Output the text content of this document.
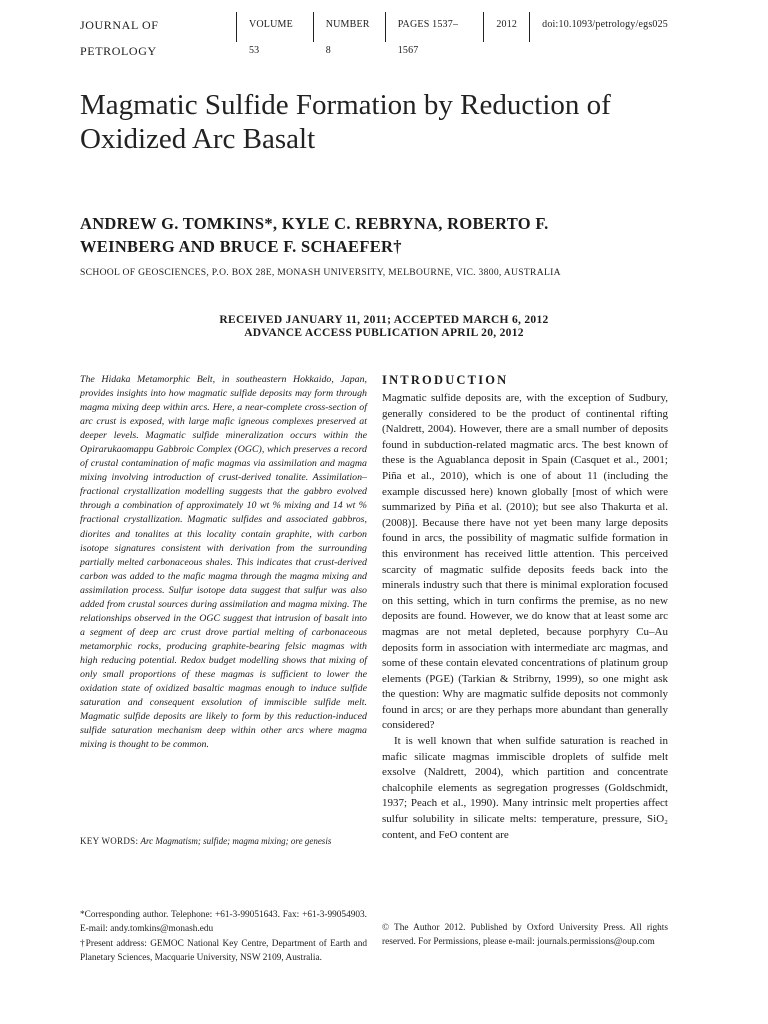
JOURNAL OF PETROLOGY
VOLUME 53
NUMBER 8
PAGES 1537–1567
2012	doi:10.1093/petrology/egs025
Magmatic Sulfide Formation by Reduction of Oxidized Arc Basalt
ANDREW G. TOMKINS*, KYLE C. REBRYNA, ROBERTO F. WEINBERG AND BRUCE F. SCHAEFER†
SCHOOL OF GEOSCIENCES, P.O. BOX 28E, MONASH UNIVERSITY, MELBOURNE, VIC. 3800, AUSTRALIA
RECEIVED JANUARY 11, 2011; ACCEPTED MARCH 6, 2012
ADVANCE ACCESS PUBLICATION APRIL 20, 2012

The Hidaka Metamorphic Belt, in southeastern Hokkaido, Japan, provides insights into how magmatic sulfide deposits may form through magma mixing deep within arcs. Here, a near-complete cross-section of arc crust is exposed, with large mafic igneous complexes preserved at deeper levels. Magmatic sulfide mineralization occurs within the Opirarukaomappu Gabbroic Complex (OGC), which preserves a record of crustal contamination of mafic magmas via assimilation and magma mixing involving introduction of crust-derived tonalite. Assimilation–fractional crystallization modelling suggests that the gabbro evolved through a combination of approximately 10 wt % mixing and 14 wt % fractional crystallization. Magmatic sulfides and associated gabbros, diorites and tonalites at this locality contain graphite, with carbon isotope signatures consistent with derivation from the surrounding partially melted carbonaceous shales. This indicates that crust-derived carbon was added to the mafic magma through the magma mixing and assimilation process. Sulfur isotope data suggest that sulfur was also added from crustal sources during assimilation and magma mixing. The relationships observed in the OGC suggest that intrusion of basalt into a segment of deep arc crust drove partial melting of carbonaceous metamorphic rocks, producing graphite-bearing felsic magmas with high reducing potential. Redox budget modelling shows that mixing of only small proportions of these magmas is sufficient to lower the oxidation state of oxidized basaltic magmas enough to induce sulfide saturation and consequent exsolution of immiscible sulfide melt. Magmatic sulfide deposits are likely to form by this reduction-induced sulfide saturation mechanism deep within other arcs where magma mixing is thought to be common.

KEY WORDS: Arc Magmatism; sulfide; magma mixing; ore genesis

*Corresponding author. Telephone: +61-3-99051643. Fax: +61-3-99054903. E-mail: andy.tomkins@monash.edu

†Present address: GEMOC National Key Centre, Department of Earth and Planetary Sciences, Macquarie University, NSW 2109, Australia.

INTRODUCTION

Magmatic sulfide deposits are, with the exception of Sudbury, generally considered to be the product of continental rifting (Naldrett, 2004). However, there are a small number of deposits found in subduction-related magmatic arcs. The best known of these is the Aguablanca deposit in Spain (Casquet et al., 2001; Piña et al., 2010), which is one of about 11 (including the example discussed here) known globally [most of which were summarized by Piña et al. (2010); but see also Thakurta et al. (2008)]. Because there have not yet been many large deposits found in arcs, the possibility of magmatic sulfide formation in this environment has received little attention. This perceived scarcity of magmatic sulfide deposits feeds back into the minerals industry such that there is minimal exploration focused on this setting, which in turn confirms the premise, as no new deposits are found. However, we do know that at least some arc magmas are not metal depleted, because porphyry Cu–Au deposits form in association with intermediate arc magmas, and some of these contain elevated concentrations of platinum group elements (PGE) (Tarkian & Stribrny, 1999), so one might ask the question: Why are magmatic sulfide deposits not commonly found in arcs; or are they perhaps more abundant than generally considered?

It is well known that when sulfide saturation is reached in mafic silicate magmas immiscible droplets of sulfide melt exsolve (Naldrett, 2004), which partition and concentrate chalcophile elements as segregation progresses (Goldschmidt, 1937; Peach et al., 1990). Many intrinsic melt properties affect sulfur solubility in silicate melts: temperature, pressure, SiO₂ content, and FeO content are

© The Author 2012. Published by Oxford University Press. All rights reserved. For Permissions, please e-mail: journals.permissions@oup.com
